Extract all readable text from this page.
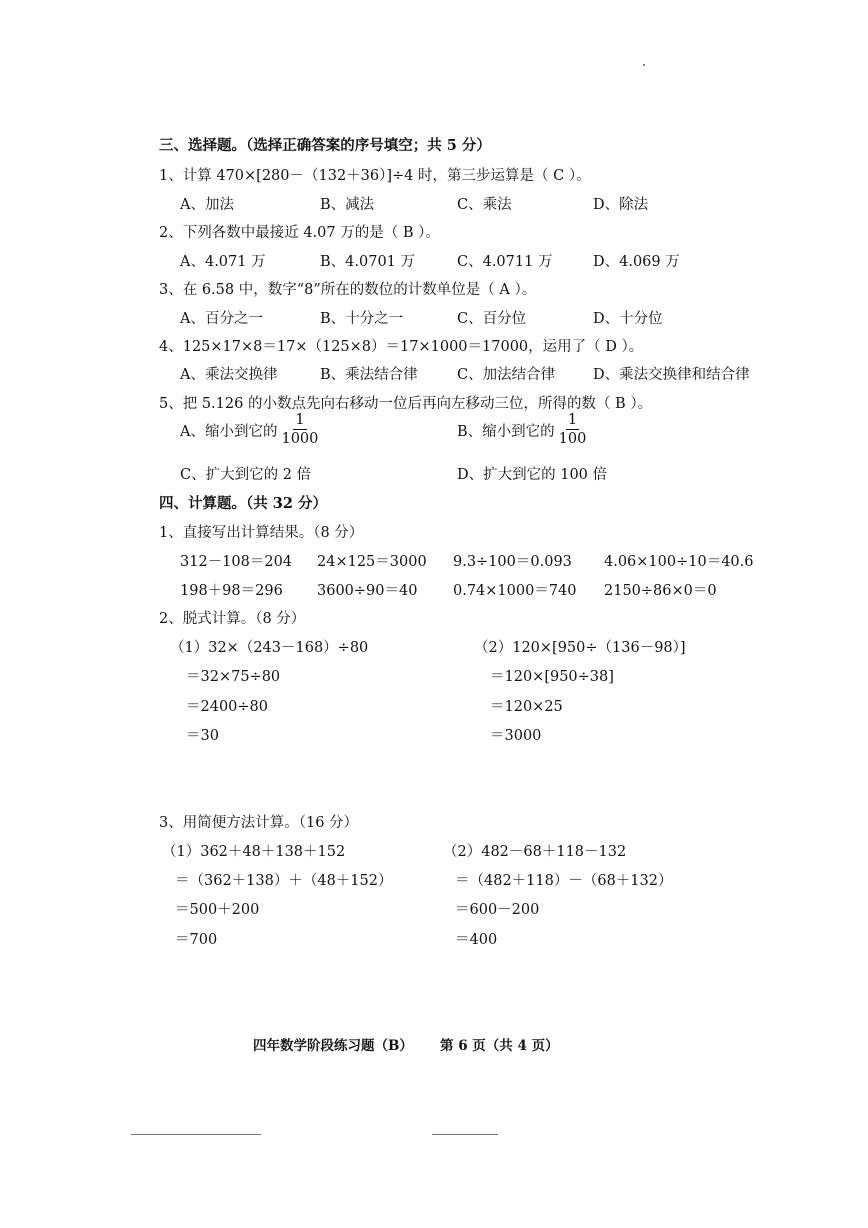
三、选择题。（选择正确答案的序号填空；共 5 分）
1、计算 470×[280－（132＋36）]÷4 时，第三步运算是（ C ）。
A、加法	B、减法	C、乘法	D、除法
2、下列各数中最接近 4.07 万的是（ B ）。
A、4.071 万	B、4.0701 万	C、4.0711 万	D、4.069 万
3、在 6.58 中，数字“8”所在的数位的计数单位是（ A ）。
A、百分之一	B、十分之一	C、百分位	D、十分位
4、125×17×8＝17×（125×8）＝17×1000＝17000，运用了（ D ）。
A、乘法交换律	B、乘法结合律	C、加法结合律	D、乘法交换律和结合律
5、把 5.126 的小数点先向右移动一位后再向左移动三位，所得的数（ B ）。
A、缩小到它的 $\frac{1}{1000}$	B、缩小到它的 $\frac{1}{100}$
C、扩大到它的 2 倍	D、扩大到它的 100 倍
四、计算题。（共 32 分）
1、直接写出计算结果。（8 分）
312－108＝204 24×125＝3000 9.3÷100＝0.093 4.06×100÷10＝40.6
198＋98＝296 3600÷90＝40 0.74×1000＝740 2150÷86×0＝0
2、脱式计算。（8 分）
（1）32×（243－168）÷80
＝32×75÷80
＝2400÷80
＝30
（2）120×[950÷（136－98）]
＝120×[950÷38]
＝120×25
＝3000
3、用简便方法计算。（16 分）
（1）362＋48＋138＋152
＝（362＋138）＋（48＋152）
＝500＋200
＝700
（2）482－68＋118－132
＝（482＋118）－（68＋132）
＝600－200
＝400
四年数学阶段练习题（B） 第 6 页（共 4 页）
